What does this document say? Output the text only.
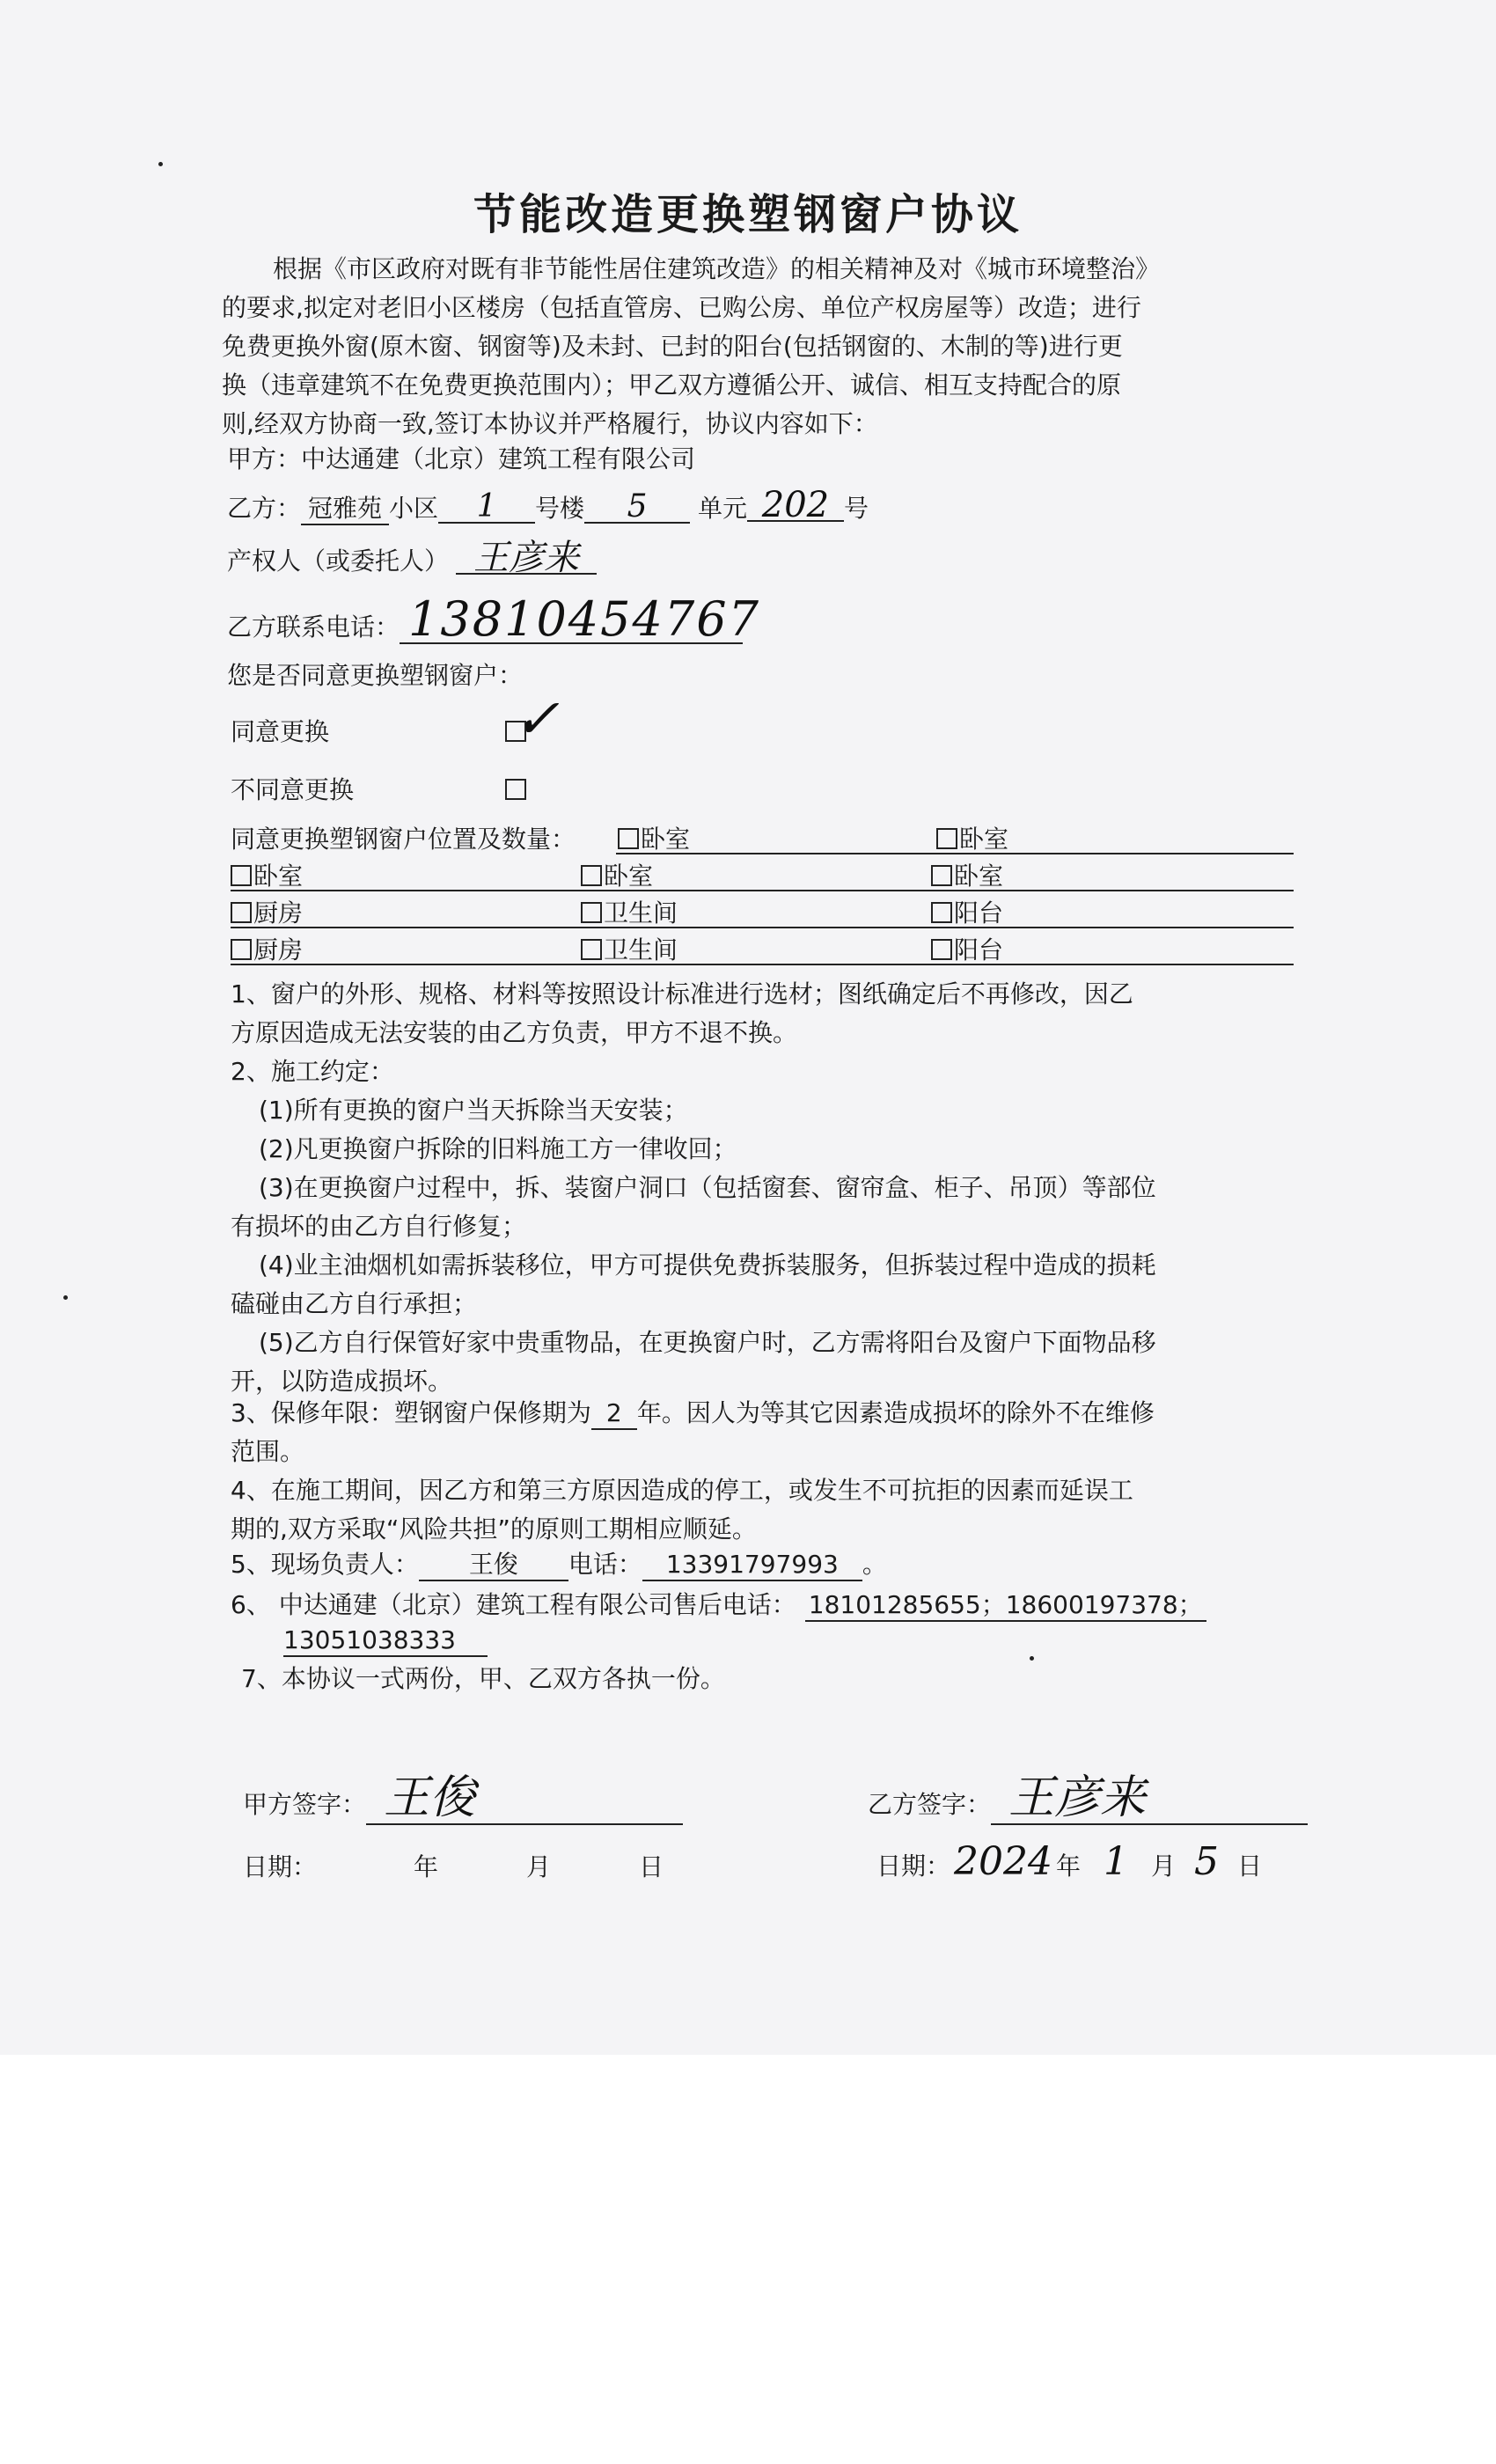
节能改造更换塑钢窗户协议
根据《市区政府对既有非节能性居住建筑改造》的相关精神及对《城市环境整治》
的要求,拟定对老旧小区楼房（包括直管房、已购公房、单位产权房屋等）改造；进行
免费更换外窗(原木窗、钢窗等)及未封、已封的阳台(包括钢窗的、木制的等)进行更
换（违章建筑不在免费更换范围内）；甲乙双方遵循公开、诚信、相互支持配合的原
则,经双方协商一致,签订本协议并严格履行，协议内容如下：
甲方：中达通建（北京）建筑工程有限公司
乙方： 冠雅苑 小区 1 号楼 5 单元 202 号
产权人（或委托人） 王彦来
乙方联系电话： 13810454767
您是否同意更换塑钢窗户：
同意更换	✓
不同意更换
同意更换塑钢窗户位置及数量：	卧室	卧室
卧室	卧室	卧室
厨房	卫生间	阳台
厨房	卫生间	阳台
1、窗户的外形、规格、材料等按照设计标准进行选材；图纸确定后不再修改，因乙
方原因造成无法安装的由乙方负责，甲方不退不换。
2、施工约定：
(1)所有更换的窗户当天拆除当天安装；
(2)凡更换窗户拆除的旧料施工方一律收回；
(3)在更换窗户过程中，拆、装窗户洞口（包括窗套、窗帘盒、柜子、吊顶）等部位
有损坏的由乙方自行修复；
(4)业主油烟机如需拆装移位，甲方可提供免费拆装服务，但拆装过程中造成的损耗
磕碰由乙方自行承担；
(5)乙方自行保管好家中贵重物品，在更换窗户时，乙方需将阳台及窗户下面物品移
开，以防造成损坏。
3、保修年限：塑钢窗户保修期为 2 年。因人为等其它因素造成损坏的除外不在维修
范围。
4、在施工期间，因乙方和第三方原因造成的停工，或发生不可抗拒的因素而延误工
期的,双方采取“风险共担”的原则工期相应顺延。
5、现场负责人： 王俊 电话： 13391797993 。
6、 中达通建（北京）建筑工程有限公司售后电话： 18101285655；18600197378；
13051038333
7、本协议一式两份，甲、乙双方各执一份。
甲方签字： 王俊	乙方签字： 王彦来
日期：	年	月	日	日期：2024 年 1 月 5 日
